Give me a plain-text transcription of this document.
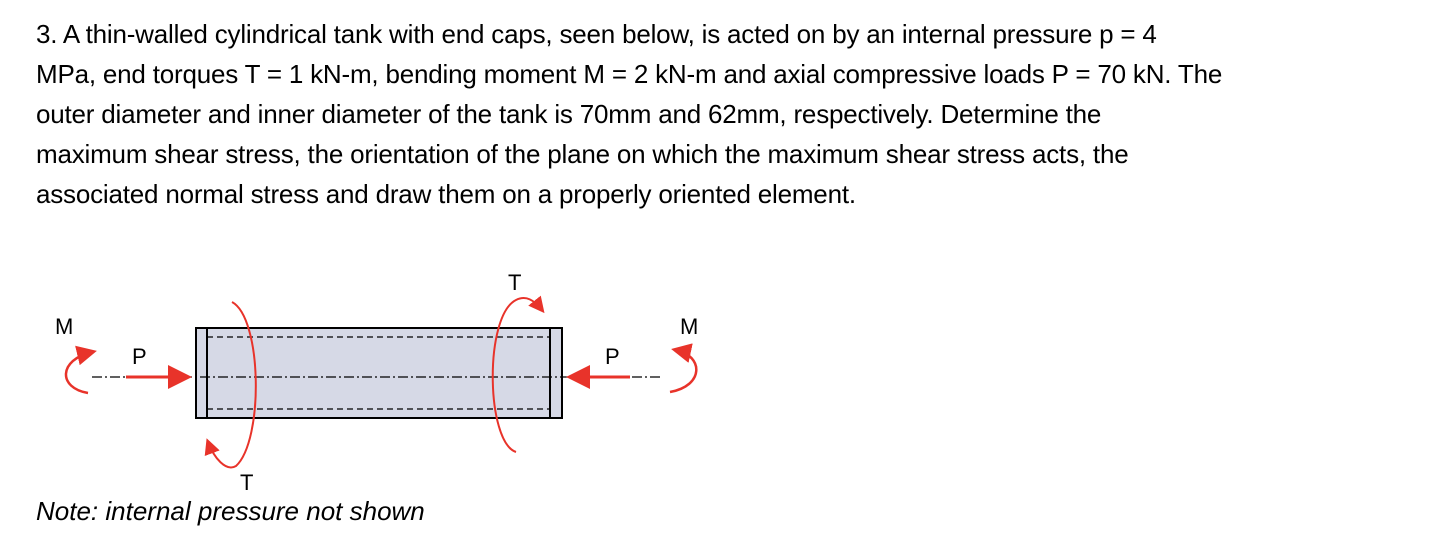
3. A thin-walled cylindrical tank with end caps, seen below, is acted on by an internal pressure p = 4
MPa, end torques T = 1 kN-m, bending moment M = 2 kN-m and axial compressive loads P = 70 kN. The
outer diameter and inner diameter of the tank is 70mm and 62mm, respectively. Determine the
maximum shear stress, the orientation of the plane on which the maximum shear stress acts, the
associated normal stress and draw them on a properly oriented element.
M	M
P	P
T
T
Note: internal pressure not shown
